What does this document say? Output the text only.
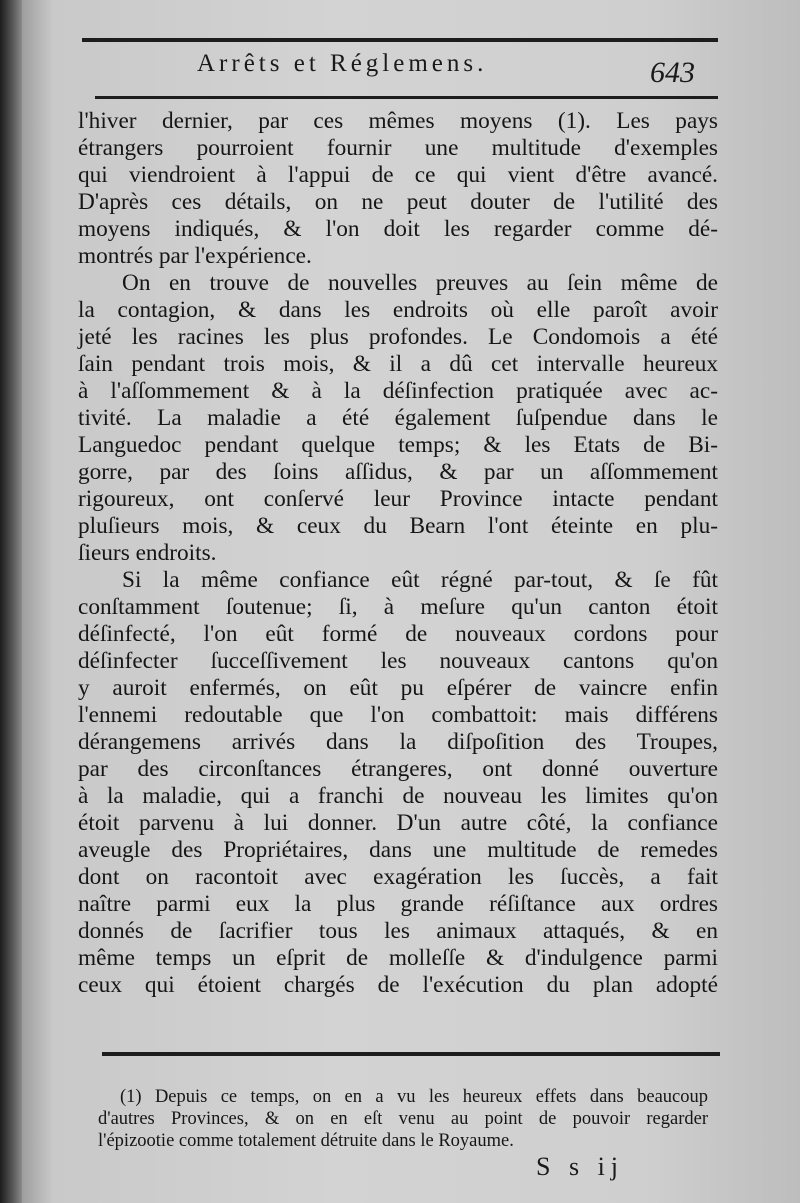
Arrêts et Réglemens.	643
l'hiver dernier, par ces mêmes moyens (1). Les pays
étrangers pourroient fournir une multitude d'exemples
qui viendroient à l'appui de ce qui vient d'être avancé.
D'après ces détails, on ne peut douter de l'utilité des
moyens indiqués, & l'on doit les regarder comme dé-
montrés par l'expérience.
On en trouve de nouvelles preuves au ſein même de
la contagion, & dans les endroits où elle paroît avoir
jeté les racines les plus profondes. Le Condomois a été
ſain pendant trois mois, & il a dû cet intervalle heureux
à l'aſſommement & à la déſinfection pratiquée avec ac-
tivité. La maladie a été également ſuſpendue dans le
Languedoc pendant quelque temps; & les Etats de Bi-
gorre, par des ſoins aſſidus, & par un aſſommement
rigoureux, ont conſervé leur Province intacte pendant
pluſieurs mois, & ceux du Bearn l'ont éteinte en plu-
ſieurs endroits.
Si la même confiance eût régné par-tout, & ſe fût
conſtamment ſoutenue; ſi, à meſure qu'un canton étoit
déſinfecté, l'on eût formé de nouveaux cordons pour
déſinfecter ſucceſſivement les nouveaux cantons qu'on
y auroit enfermés, on eût pu eſpérer de vaincre enfin
l'ennemi redoutable que l'on combattoit: mais différens
dérangemens arrivés dans la diſpoſition des Troupes,
par des circonſtances étrangeres, ont donné ouverture
à la maladie, qui a franchi de nouveau les limites qu'on
étoit parvenu à lui donner. D'un autre côté, la confiance
aveugle des Propriétaires, dans une multitude de remedes
dont on racontoit avec exagération les ſuccès, a fait
naître parmi eux la plus grande réſiſtance aux ordres
donnés de ſacrifier tous les animaux attaqués, & en
même temps un eſprit de molleſſe & d'indulgence parmi
ceux qui étoient chargés de l'exécution du plan adopté
(1) Depuis ce temps, on en a vu les heureux effets dans beaucoup
d'autres Provinces, & on en eſt venu au point de pouvoir regarder
l'épizootie comme totalement détruite dans le Royaume.
S s ij
